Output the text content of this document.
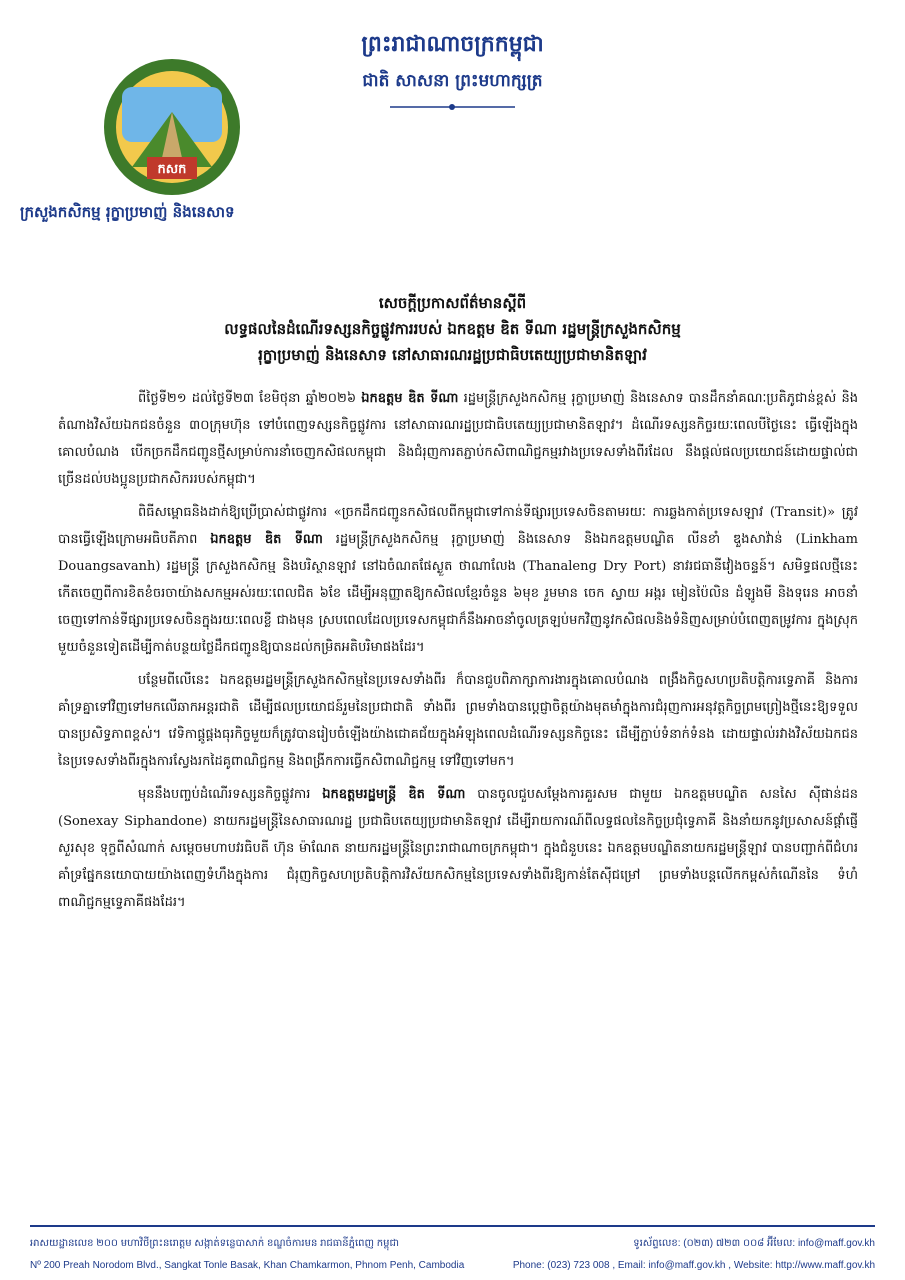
កសក
ក្រសួងកសិកម្ម រុក្ខាប្រមាញ់ និងនេសាទ
ព្រះរាជាណាចក្រកម្ពុជា
ជាតិ សាសនា ព្រះមហាក្សត្រ
សេចក្តីប្រកាសព័ត៌មានស្តីពី
លទ្ធផលនៃដំណើរទស្សនកិច្ចផ្លូវការរបស់ ឯកឧត្តម ឌិត ទីណា រដ្ឋមន្ត្រីក្រសួងកសិកម្ម
រុក្ខាប្រមាញ់ និងនេសាទ នៅសាធារណរដ្ឋប្រជាធិបតេយ្យប្រជាមានិតឡាវ

ពីថ្ងៃទី២១ ដល់ថ្ងៃទី២៣ ខែមិថុនា ឆ្នាំ២០២៦ ឯកឧត្តម ឌិត ទីណា រដ្ឋមន្ត្រីក្រសួងកសិកម្ម រុក្ខាប្រមាញ់ និងនេសាទ បានដឹកនាំគណៈប្រតិភូជាន់ខ្ពស់ និងតំណាងវិស័យឯកជនចំនួន ៣០ក្រុមហ៊ុន ទៅបំពេញទស្សនកិច្ចផ្លូវការ នៅសាធារណរដ្ឋប្រជាធិបតេយ្យប្រជាមានិតឡាវ។ ដំណើរទស្សនកិច្ចរយៈពេលបីថ្ងៃនេះ ធ្វើឡើងក្នុងគោលបំណង បើកច្រកដឹកជញ្ជូនថ្មីសម្រាប់ការនាំចេញកសិផលកម្ពុជា និងជំរុញការតភ្ជាប់កសិពាណិជ្ជកម្មរវាងប្រទេសទាំងពីរដែល នឹងផ្តល់ផលប្រយោជន៍ដោយផ្ទាល់ជាច្រើនដល់បងប្អូនប្រជាកសិកររបស់កម្ពុជា។

ពិធីសម្ពោធនិងដាក់ឱ្យប្រើប្រាស់ជាផ្លូវការ «ច្រកដឹកជញ្ជូនកសិផលពីកម្ពុជាទៅកាន់ទីផ្សារប្រទេសចិនតាមរយៈ ការឆ្លងកាត់ប្រទេសឡាវ (Transit)» ត្រូវបានធ្វើឡើងក្រោមអធិបតីភាព ឯកឧត្តម ឌិត ទីណា រដ្ឋមន្ត្រីក្រសួងកសិកម្ម រុក្ខាប្រមាញ់ និងនេសាទ និងឯកឧត្តមបណ្ឌិត លីនខាំ ឌួងសាវ៉ាន់ (Linkham Douangsavanh) រដ្ឋមន្ត្រី ក្រសួងកសិកម្ម និងបរិស្ថានឡាវ នៅឯចំណតផែស្ងួត ថាណាលែង (Thanaleng Dry Port) នាវរជធានីវៀងចន្ទន៍។ សមិទ្ធផលថ្មីនេះ កើតចេញពីការខិតខំចរចាយ៉ាងសកម្មអស់រយៈពេលជិត ៦ខែ ដើម្បីអនុញ្ញាតឱ្យកសិផលខ្មែរចំនួន ៦មុខ រួមមាន ចេក ស្វាយ អង្ករ មៀនប៉ៃលិន ដំឡូងមី និងទុរេន អាចនាំចេញទៅកាន់ទីផ្សារប្រទេសចិនក្នុងរយៈពេលខ្លី ជាងមុន ស្របពេលដែលប្រទេសកម្ពុជាក៏នឹងអាចនាំចូលត្រឡប់មកវិញនូវកសិផលនិងទំនិញសម្រាប់បំពេញតម្រូវការ ក្នុងស្រុកមួយចំនួនទៀតដើម្បីកាត់បន្ថយថ្លៃដឹកជញ្ជូនឱ្យបានដល់កម្រិតអតិបរិមាផងដែរ។

បន្ថែមពីលើនេះ ឯកឧត្តមរដ្ឋមន្ត្រីក្រសួងកសិកម្មនៃប្រទេសទាំងពីរ ក៏បានជួបពិភាក្សាការងារក្នុងគោលបំណង ពង្រឹងកិច្ចសហប្រតិបត្តិការទ្វេភាគី និងការគាំទ្រគ្នាទៅវិញទៅមកលើឆាកអន្តរជាតិ ដើម្បីផលប្រយោជន៍រួមនៃប្រជាជាតិ ទាំងពីរ ព្រមទាំងបានប្តេជ្ញាចិត្តយ៉ាងមុតមាំក្នុងការជំរុញការអនុវត្តកិច្ចព្រមព្រៀងថ្មីនេះឱ្យទទួលបានប្រសិទ្ធភាពខ្ពស់។ វេទិកាផ្គូផ្គងធុរកិច្ចមួយក៏ត្រូវបានរៀបចំឡើងយ៉ាងជោគជ័យក្នុងអំឡុងពេលដំណើរទស្សនកិច្ចនេះ ដើម្បីភ្ជាប់ទំនាក់ទំនង ដោយផ្ទាល់រវាងវិស័យឯកជននៃប្រទេសទាំងពីរក្នុងការស្វែងរកដៃគូពាណិជ្ជកម្ម និងពង្រីកការធ្វើកសិពាណិជ្ជកម្ម ទៅវិញទៅមក។

មុននឹងបញ្ចប់ដំណើរទស្សនកិច្ចផ្លូវការ ឯកឧត្តមរដ្ឋមន្ត្រី ឌិត ទីណា បានចូលជួបសម្តែងការគួរសម ជាមួយ ឯកឧត្តមបណ្ឌិត សនសៃ ស៊ីផាន់ដន (Sonexay Siphandone) នាយករដ្ឋមន្ត្រីនៃសាធារណរដ្ឋ ប្រជាធិបតេយ្យប្រជាមានិតឡាវ ដើម្បីរាយការណ៍ពីលទ្ធផលនៃកិច្ចប្រជុំទ្វេភាគី និងនាំយកនូវប្រសាសន៍ផ្តាំផ្ញើសួរសុខ ទុក្ខពីសំណាក់ សម្តេចមហាបវរធិបតី ហ៊ុន ម៉ាណែត នាយករដ្ឋមន្ត្រីនៃព្រះរាជាណាចក្រកម្ពុជា។ ក្នុងជំនួបនេះ ឯកឧត្តមបណ្ឌិតនាយករដ្ឋមន្ត្រីឡាវ បានបញ្ជាក់ពីជំហរគាំទ្រផ្នែកនយោបាយយ៉ាងពេញទំហឹងក្នុងការ ជំរុញកិច្ចសហប្រតិបត្តិការវិស័យកសិកម្មនៃប្រទេសទាំងពីរឱ្យកាន់តែស៊ីជម្រៅ ព្រមទាំងបន្តលើកកម្ពស់កំណើននៃ ទំហំពាណិជ្ជកម្មទ្វេភាគីផងដែរ។

អាសយដ្ឋានលេខ ២០០ មហាវិថីព្រះនរោត្តម សង្កាត់ទន្លេបាសាក់ ខណ្ឌចំការមន រាជធានីភ្នំពេញ កម្ពុជា
Nº 200 Preah Norodom Blvd., Sangkat Tonle Basak, Khan Chamkarmon, Phnom Penh, Cambodia
ទូរស័ព្ទលេខ: (០២៣) ៧២៣ ០០៨ អ៊ីមែល: info@maff.gov.kh
Phone: (023) 723 008 , Email: info@maff.gov.kh , Website: http://www.maff.gov.kh
